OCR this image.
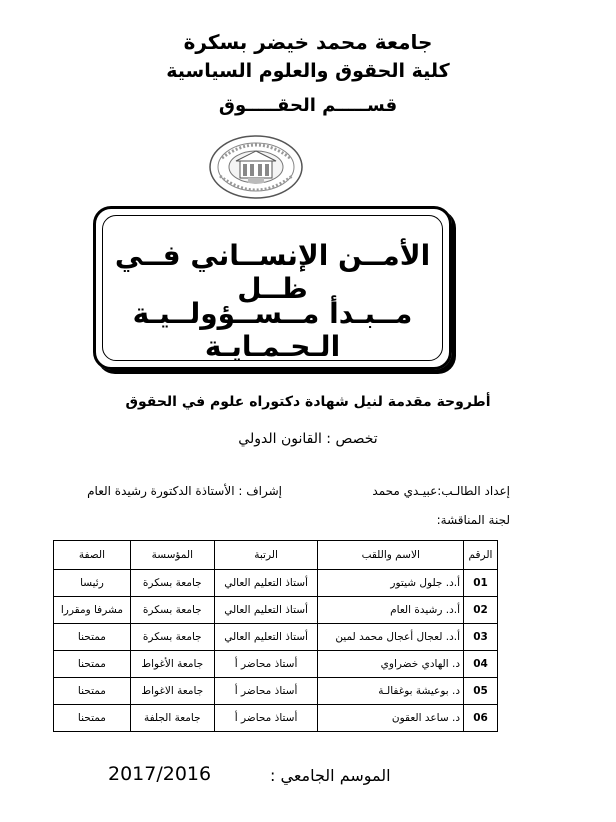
جامعة محمد خيضر بسكرة
كلية الحقوق والعلوم السياسية
قســـــم الحقـــــوق
الأمــن الإنســاني فــي ظــل
مــبـدأ مــســؤولــيـة الـحـمـايـة
أطروحة مقدمة لنيل شهادة دكتوراه علوم في الحقوق
تخصص : القانون الدولي
إعداد الطالـب:عبيـدي محمد
إشراف : الأستاذة الدكتورة رشيدة العام
لجنة المناقشة:
الرقم	الاسم واللقب	الرتبة	المؤسسة	الصفة
01	أ.د. جلول شيتور	أستاذ التعليم العالي	جامعة بسكرة	رئيسا
02	أ.د. رشيدة العام	أستاذ التعليم العالي	جامعة بسكرة	مشرفا ومقررا
03	أ.د. لعجال أعجال محمد لمين	أستاذ التعليم العالي	جامعة بسكرة	ممتحنا
04	د. الهادي خضراوي	أستاذ محاضر أ	جامعة الأغواط	ممتحنا
05	د. بوعيشة بوغفالـة	أستاذ محاضر أ	جامعة الاغواط	ممتحنا
06	د. ساعد العقون	أستاذ محاضر أ	جامعة الجلفة	ممتحنا
الموسم الجامعي :
2017/2016
